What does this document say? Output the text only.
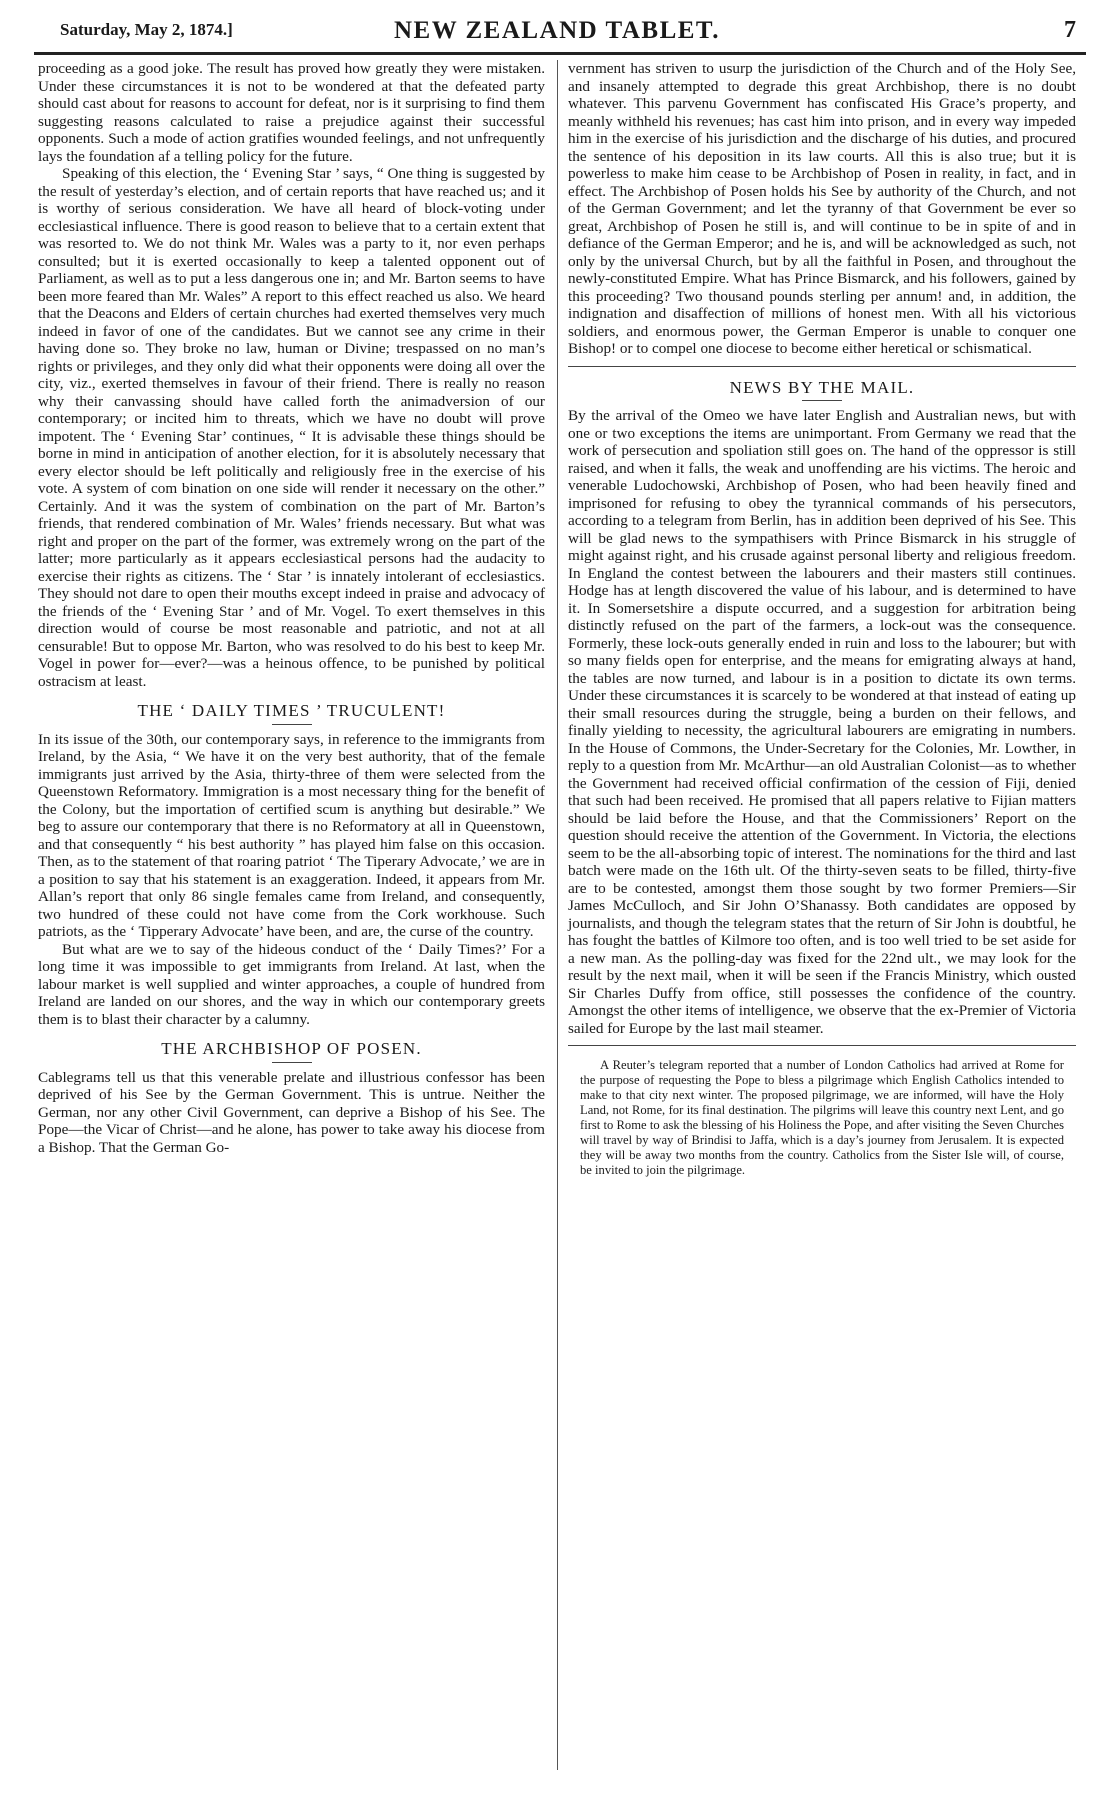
Saturday, May 2, 1874.]	NEW ZEALAND TABLET.	7

proceeding as a good joke. The result has proved how greatly they were mistaken. Under these circumstances it is not to be wondered at that the defeated party should cast about for reasons to account for defeat, nor is it surprising to find them suggesting reasons calculated to raise a prejudice against their successful opponents. Such a mode of action gratifies wounded feelings, and not unfrequently lays the foundation af a telling policy for the future.

Speaking of this election, the ‘ Evening Star ’ says, “ One thing is suggested by the result of yesterday’s election, and of certain reports that have reached us; and it is worthy of serious consideration. We have all heard of block-voting under ecclesiastical influence. There is good reason to believe that to a certain extent that was resorted to. We do not think Mr. Wales was a party to it, nor even perhaps consulted; but it is exerted occasionally to keep a talented opponent out of Parliament, as well as to put a less dangerous one in; and Mr. Barton seems to have been more feared than Mr. Wales” A report to this effect reached us also. We heard that the Deacons and Elders of certain churches had exerted themselves very much indeed in favor of one of the candidates. But we cannot see any crime in their having done so. They broke no law, human or Divine; trespassed on no man’s rights or privileges, and they only did what their opponents were doing all over the city, viz., exerted themselves in favour of their friend. There is really no reason why their canvassing should have called forth the animadversion of our contemporary; or incited him to threats, which we have no doubt will prove impotent. The ‘ Evening Star’ continues, “ It is advisable these things should be borne in mind in anticipation of another election, for it is absolutely necessary that every elector should be left politically and religiously free in the exercise of his vote. A system of com bination on one side will render it necessary on the other.” Certainly. And it was the system of combination on the part of Mr. Barton’s friends, that rendered combination of Mr. Wales’ friends necessary. But what was right and proper on the part of the former, was extremely wrong on the part of the latter; more particularly as it appears ecclesiastical persons had the audacity to exercise their rights as citizens. The ‘ Star ’ is innately intolerant of ecclesiastics. They should not dare to open their mouths except indeed in praise and advocacy of the friends of the ‘ Evening Star ’ and of Mr. Vogel. To exert themselves in this direction would of course be most reasonable and patriotic, and not at all censurable! But to oppose Mr. Barton, who was resolved to do his best to keep Mr. Vogel in power for—ever?—was a heinous offence, to be punished by political ostracism at least.

THE ‘ DAILY TIMES ’ TRUCULENT!

In its issue of the 30th, our contemporary says, in reference to the immigrants from Ireland, by the Asia, “ We have it on the very best authority, that of the female immigrants just arrived by the Asia, thirty-three of them were selected from the Queenstown Reformatory. Immigration is a most necessary thing for the benefit of the Colony, but the importation of certified scum is anything but desirable.” We beg to assure our contemporary that there is no Reformatory at all in Queenstown, and that consequently “ his best authority ” has played him false on this occasion. Then, as to the statement of that roaring patriot ‘ The Tiperary Advocate,’ we are in a position to say that his statement is an exaggeration. Indeed, it appears from Mr. Allan’s report that only 86 single females came from Ireland, and consequently, two hundred of these could not have come from the Cork workhouse. Such patriots, as the ‘ Tipperary Advocate’ have been, and are, the curse of the country.

But what are we to say of the hideous conduct of the ‘ Daily Times?’ For a long time it was impossible to get immigrants from Ireland. At last, when the labour market is well supplied and winter approaches, a couple of hundred from Ireland are landed on our shores, and the way in which our contemporary greets them is to blast their character by a calumny.

THE ARCHBISHOP OF POSEN.

Cablegrams tell us that this venerable prelate and illustrious confessor has been deprived of his See by the German Government. This is untrue. Neither the German, nor any other Civil Government, can deprive a Bishop of his See. The Pope—the Vicar of Christ—and he alone, has power to take away his diocese from a Bishop. That the German Go-

vernment has striven to usurp the jurisdiction of the Church and of the Holy See, and insanely attempted to degrade this great Archbishop, there is no doubt whatever. This parvenu Government has confiscated His Grace’s property, and meanly withheld his revenues; has cast him into prison, and in every way impeded him in the exercise of his jurisdiction and the discharge of his duties, and procured the sentence of his deposition in its law courts. All this is also true; but it is powerless to make him cease to be Archbishop of Posen in reality, in fact, and in effect. The Archbishop of Posen holds his See by authority of the Church, and not of the German Government; and let the tyranny of that Government be ever so great, Archbishop of Posen he still is, and will continue to be in spite of and in defiance of the German Emperor; and he is, and will be acknowledged as such, not only by the universal Church, but by all the faithful in Posen, and throughout the newly-constituted Empire. What has Prince Bismarck, and his followers, gained by this proceeding? Two thousand pounds sterling per annum! and, in addition, the indignation and disaffection of millions of honest men. With all his victorious soldiers, and enormous power, the German Emperor is unable to conquer one Bishop! or to compel one diocese to become either heretical or schismatical.

NEWS BY THE MAIL.

By the arrival of the Omeo we have later English and Australian news, but with one or two exceptions the items are unimportant. From Germany we read that the work of persecution and spoliation still goes on. The hand of the oppressor is still raised, and when it falls, the weak and unoffending are his victims. The heroic and venerable Ludochowski, Archbishop of Posen, who had been heavily fined and imprisoned for refusing to obey the tyrannical commands of his persecutors, according to a telegram from Berlin, has in addition been deprived of his See. This will be glad news to the sympathisers with Prince Bismarck in his struggle of might against right, and his crusade against personal liberty and religious freedom. In England the contest between the labourers and their masters still continues. Hodge has at length discovered the value of his labour, and is determined to have it. In Somersetshire a dispute occurred, and a suggestion for arbitration being distinctly refused on the part of the farmers, a lock-out was the consequence. Formerly, these lock-outs generally ended in ruin and loss to the labourer; but with so many fields open for enterprise, and the means for emigrating always at hand, the tables are now turned, and labour is in a position to dictate its own terms. Under these circumstances it is scarcely to be wondered at that instead of eating up their small resources during the struggle, being a burden on their fellows, and finally yielding to necessity, the agricultural labourers are emigrating in numbers. In the House of Commons, the Under-Secretary for the Colonies, Mr. Lowther, in reply to a question from Mr. McArthur—an old Australian Colonist—as to whether the Government had received official confirmation of the cession of Fiji, denied that such had been received. He promised that all papers relative to Fijian matters should be laid before the House, and that the Commissioners’ Report on the question should receive the attention of the Government. In Victoria, the elections seem to be the all-absorbing topic of interest. The nominations for the third and last batch were made on the 16th ult. Of the thirty-seven seats to be filled, thirty-five are to be contested, amongst them those sought by two former Premiers—Sir James McCulloch, and Sir John O’Shanassy. Both candidates are opposed by journalists, and though the telegram states that the return of Sir John is doubtful, he has fought the battles of Kilmore too often, and is too well tried to be set aside for a new man. As the polling-day was fixed for the 22nd ult., we may look for the result by the next mail, when it will be seen if the Francis Ministry, which ousted Sir Charles Duffy from office, still possesses the confidence of the country. Amongst the other items of intelligence, we observe that the ex-Premier of Victoria sailed for Europe by the last mail steamer.

A Reuter’s telegram reported that a number of London Catholics had arrived at Rome for the purpose of requesting the Pope to bless a pilgrimage which English Catholics intended to make to that city next winter. The proposed pilgrimage, we are informed, will have the Holy Land, not Rome, for its final destination. The pilgrims will leave this country next Lent, and go first to Rome to ask the blessing of his Holiness the Pope, and after visiting the Seven Churches will travel by way of Brindisi to Jaffa, which is a day’s journey from Jerusalem. It is expected they will be away two months from the country. Catholics from the Sister Isle will, of course, be invited to join the pilgrimage.
